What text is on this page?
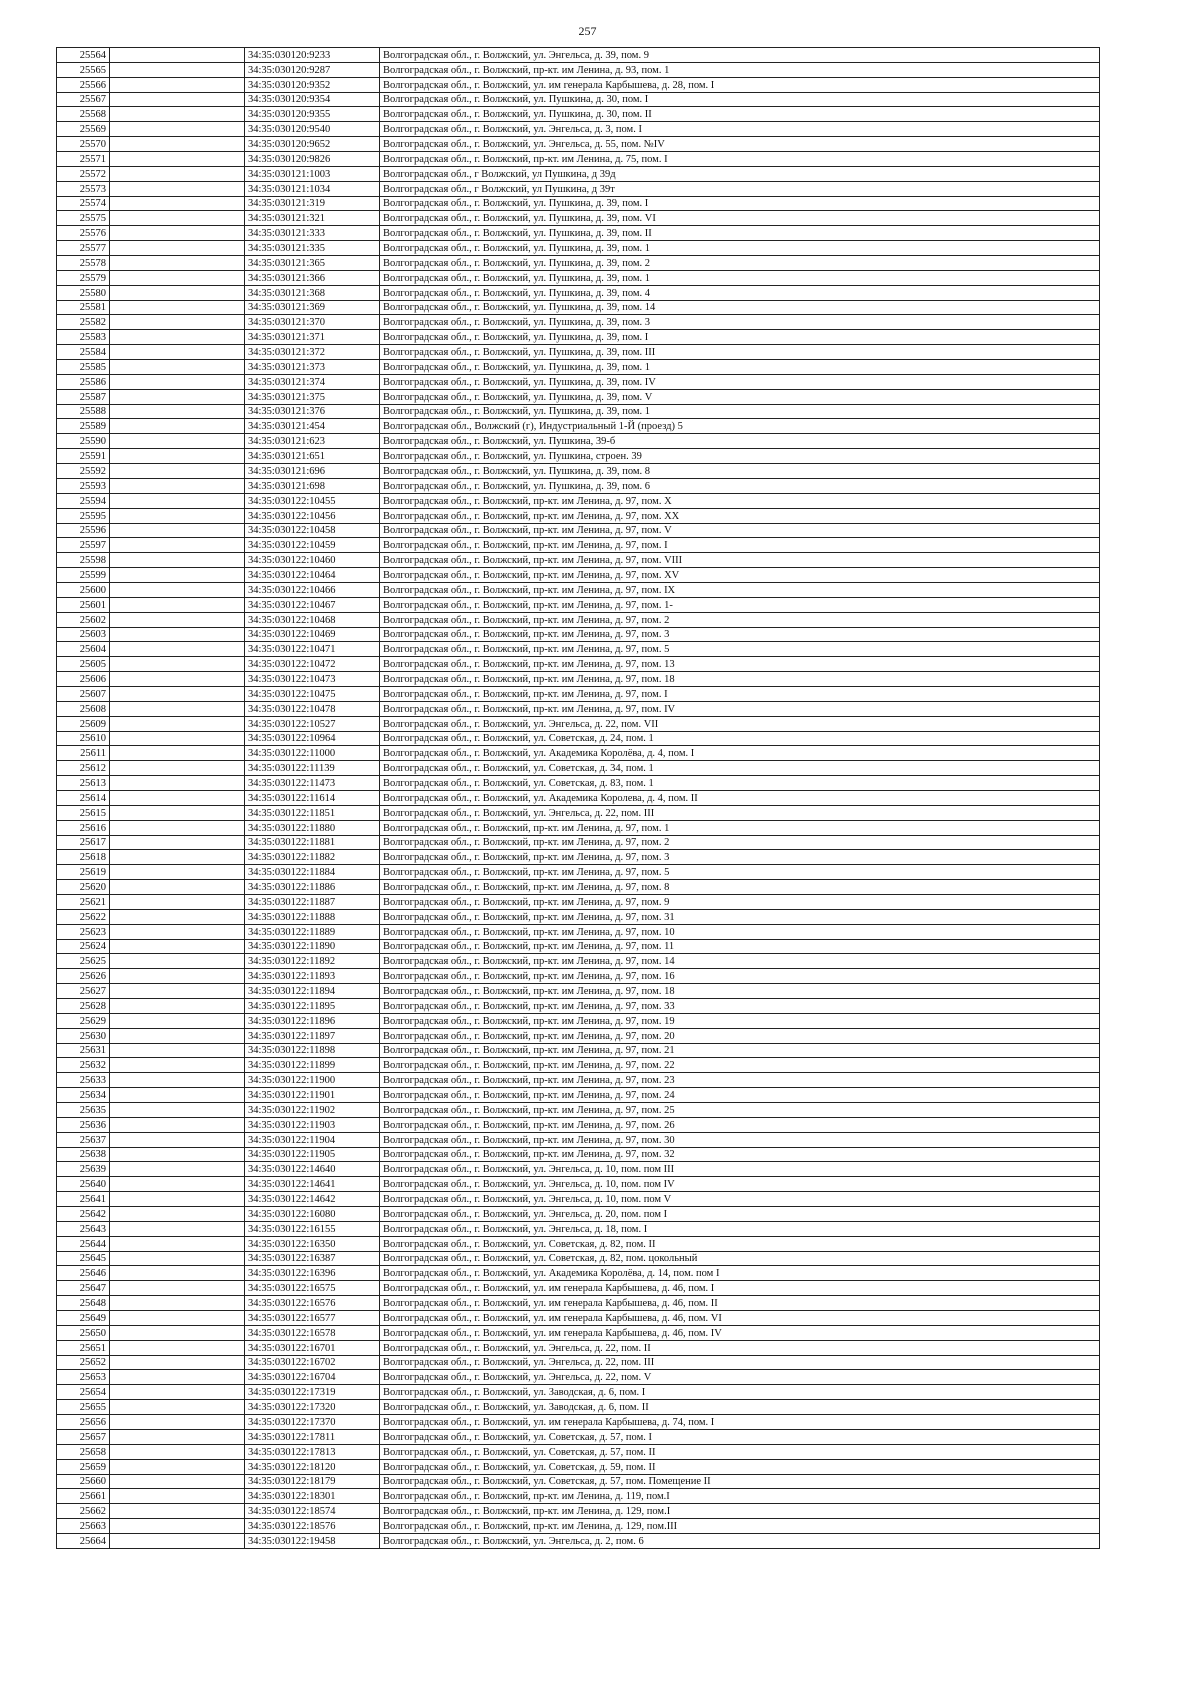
257
25564		34:35:030120:9233	Волгоградская обл., г. Волжский, ул. Энгельса, д. 39, пом. 9
25565		34:35:030120:9287	Волгоградская обл., г. Волжский, пр-кт. им Ленина, д. 93, пом. 1
25566		34:35:030120:9352	Волгоградская обл., г. Волжский, ул. им генерала Карбышева, д. 28, пом. I
25567		34:35:030120:9354	Волгоградская обл., г. Волжский, ул. Пушкина, д. 30, пом. I
25568		34:35:030120:9355	Волгоградская обл., г. Волжский, ул. Пушкина, д. 30, пом. II
25569		34:35:030120:9540	Волгоградская обл., г. Волжский, ул. Энгельса, д. 3, пом. I
25570		34:35:030120:9652	Волгоградская обл., г. Волжский, ул. Энгельса, д. 55, пом. №IV
25571		34:35:030120:9826	Волгоградская обл., г. Волжский, пр-кт. им Ленина, д. 75, пом. I
25572		34:35:030121:1003	Волгоградская обл., г Волжский, ул Пушкина, д 39д
25573		34:35:030121:1034	Волгоградская обл., г Волжский, ул Пушкина, д 39т
25574		34:35:030121:319	Волгоградская обл., г. Волжский, ул. Пушкина, д. 39, пом. I
25575		34:35:030121:321	Волгоградская обл., г. Волжский, ул. Пушкина, д. 39, пом. VI
25576		34:35:030121:333	Волгоградская обл., г. Волжский, ул. Пушкина, д. 39, пом. II
25577		34:35:030121:335	Волгоградская обл., г. Волжский, ул. Пушкина, д. 39, пом. 1
25578		34:35:030121:365	Волгоградская обл., г. Волжский, ул. Пушкина, д. 39, пом. 2
25579		34:35:030121:366	Волгоградская обл., г. Волжский, ул. Пушкина, д. 39, пом. 1
25580		34:35:030121:368	Волгоградская обл., г. Волжский, ул. Пушкина, д. 39, пом. 4
25581		34:35:030121:369	Волгоградская обл., г. Волжский, ул. Пушкина, д. 39, пом. 14
25582		34:35:030121:370	Волгоградская обл., г. Волжский, ул. Пушкина, д. 39, пом. 3
25583		34:35:030121:371	Волгоградская обл., г. Волжский, ул. Пушкина, д. 39, пом. I
25584		34:35:030121:372	Волгоградская обл., г. Волжский, ул. Пушкина, д. 39, пом. III
25585		34:35:030121:373	Волгоградская обл., г. Волжский, ул. Пушкина, д. 39, пом. 1
25586		34:35:030121:374	Волгоградская обл., г. Волжский, ул. Пушкина, д. 39, пом. IV
25587		34:35:030121:375	Волгоградская обл., г. Волжский, ул. Пушкина, д. 39, пом. V
25588		34:35:030121:376	Волгоградская обл., г. Волжский, ул. Пушкина, д. 39, пом. 1
25589		34:35:030121:454	Волгоградская обл., Волжский (г), Индустриальный 1-Й (проезд) 5
25590		34:35:030121:623	Волгоградская обл., г. Волжский, ул. Пушкина, 39-б
25591		34:35:030121:651	Волгоградская обл., г. Волжский, ул. Пушкина, строен. 39
25592		34:35:030121:696	Волгоградская обл., г. Волжский, ул. Пушкина, д. 39, пом. 8
25593		34:35:030121:698	Волгоградская обл., г. Волжский, ул. Пушкина, д. 39, пом. 6
25594		34:35:030122:10455	Волгоградская обл., г. Волжский, пр-кт. им Ленина, д. 97, пом. X
25595		34:35:030122:10456	Волгоградская обл., г. Волжский, пр-кт. им Ленина, д. 97, пом. XX
25596		34:35:030122:10458	Волгоградская обл., г. Волжский, пр-кт. им Ленина, д. 97, пом. V
25597		34:35:030122:10459	Волгоградская обл., г. Волжский, пр-кт. им Ленина, д. 97, пом. I
25598		34:35:030122:10460	Волгоградская обл., г. Волжский, пр-кт. им Ленина, д. 97, пом. VIII
25599		34:35:030122:10464	Волгоградская обл., г. Волжский, пр-кт. им Ленина, д. 97, пом. XV
25600		34:35:030122:10466	Волгоградская обл., г. Волжский, пр-кт. им Ленина, д. 97, пом. IX
25601		34:35:030122:10467	Волгоградская обл., г. Волжский, пр-кт. им Ленина, д. 97, пом. 1-
25602		34:35:030122:10468	Волгоградская обл., г. Волжский, пр-кт. им Ленина, д. 97, пом. 2
25603		34:35:030122:10469	Волгоградская обл., г. Волжский, пр-кт. им Ленина, д. 97, пом. 3
25604		34:35:030122:10471	Волгоградская обл., г. Волжский, пр-кт. им Ленина, д. 97, пом. 5
25605		34:35:030122:10472	Волгоградская обл., г. Волжский, пр-кт. им Ленина, д. 97, пом. 13
25606		34:35:030122:10473	Волгоградская обл., г. Волжский, пр-кт. им Ленина, д. 97, пом. 18
25607		34:35:030122:10475	Волгоградская обл., г. Волжский, пр-кт. им Ленина, д. 97, пом. I
25608		34:35:030122:10478	Волгоградская обл., г. Волжский, пр-кт. им Ленина, д. 97, пом. IV
25609		34:35:030122:10527	Волгоградская обл., г. Волжский, ул. Энгельса, д. 22, пом. VII
25610		34:35:030122:10964	Волгоградская обл., г. Волжский, ул. Советская, д. 24, пом. 1
25611		34:35:030122:11000	Волгоградская обл., г. Волжский, ул. Академика Королёва, д. 4, пом. I
25612		34:35:030122:11139	Волгоградская обл., г. Волжский, ул. Советская, д. 34, пом. 1
25613		34:35:030122:11473	Волгоградская обл., г. Волжский, ул. Советская, д. 83, пом. 1
25614		34:35:030122:11614	Волгоградская обл., г. Волжский, ул. Академика Королева, д. 4, пом. II
25615		34:35:030122:11851	Волгоградская обл., г. Волжский, ул. Энгельса, д. 22, пом. III
25616		34:35:030122:11880	Волгоградская обл., г. Волжский, пр-кт. им Ленина, д. 97, пом. 1
25617		34:35:030122:11881	Волгоградская обл., г. Волжский, пр-кт. им Ленина, д. 97, пом. 2
25618		34:35:030122:11882	Волгоградская обл., г. Волжский, пр-кт. им Ленина, д. 97, пом. 3
25619		34:35:030122:11884	Волгоградская обл., г. Волжский, пр-кт. им Ленина, д. 97, пом. 5
25620		34:35:030122:11886	Волгоградская обл., г. Волжский, пр-кт. им Ленина, д. 97, пом. 8
25621		34:35:030122:11887	Волгоградская обл., г. Волжский, пр-кт. им Ленина, д. 97, пом. 9
25622		34:35:030122:11888	Волгоградская обл., г. Волжский, пр-кт. им Ленина, д. 97, пом. 31
25623		34:35:030122:11889	Волгоградская обл., г. Волжский, пр-кт. им Ленина, д. 97, пом. 10
25624		34:35:030122:11890	Волгоградская обл., г. Волжский, пр-кт. им Ленина, д. 97, пом. 11
25625		34:35:030122:11892	Волгоградская обл., г. Волжский, пр-кт. им Ленина, д. 97, пом. 14
25626		34:35:030122:11893	Волгоградская обл., г. Волжский, пр-кт. им Ленина, д. 97, пом. 16
25627		34:35:030122:11894	Волгоградская обл., г. Волжский, пр-кт. им Ленина, д. 97, пом. 18
25628		34:35:030122:11895	Волгоградская обл., г. Волжский, пр-кт. им Ленина, д. 97, пом. 33
25629		34:35:030122:11896	Волгоградская обл., г. Волжский, пр-кт. им Ленина, д. 97, пом. 19
25630		34:35:030122:11897	Волгоградская обл., г. Волжский, пр-кт. им Ленина, д. 97, пом. 20
25631		34:35:030122:11898	Волгоградская обл., г. Волжский, пр-кт. им Ленина, д. 97, пом. 21
25632		34:35:030122:11899	Волгоградская обл., г. Волжский, пр-кт. им Ленина, д. 97, пом. 22
25633		34:35:030122:11900	Волгоградская обл., г. Волжский, пр-кт. им Ленина, д. 97, пом. 23
25634		34:35:030122:11901	Волгоградская обл., г. Волжский, пр-кт. им Ленина, д. 97, пом. 24
25635		34:35:030122:11902	Волгоградская обл., г. Волжский, пр-кт. им Ленина, д. 97, пом. 25
25636		34:35:030122:11903	Волгоградская обл., г. Волжский, пр-кт. им Ленина, д. 97, пом. 26
25637		34:35:030122:11904	Волгоградская обл., г. Волжский, пр-кт. им Ленина, д. 97, пом. 30
25638		34:35:030122:11905	Волгоградская обл., г. Волжский, пр-кт. им Ленина, д. 97, пом. 32
25639		34:35:030122:14640	Волгоградская обл., г. Волжский, ул. Энгельса, д. 10, пом. пом III
25640		34:35:030122:14641	Волгоградская обл., г. Волжский, ул. Энгельса, д. 10, пом. пом IV
25641		34:35:030122:14642	Волгоградская обл., г. Волжский, ул. Энгельса, д. 10, пом. пом V
25642		34:35:030122:16080	Волгоградская обл., г. Волжский, ул. Энгельса, д. 20, пом. пом I
25643		34:35:030122:16155	Волгоградская обл., г. Волжский, ул. Энгельса, д. 18, пом. I
25644		34:35:030122:16350	Волгоградская обл., г. Волжский, ул. Советская, д. 82, пом. II
25645		34:35:030122:16387	Волгоградская обл., г. Волжский, ул. Советская, д. 82, пом. цокольный
25646		34:35:030122:16396	Волгоградская обл., г. Волжский, ул. Академика Королёва, д. 14, пом. пом I
25647		34:35:030122:16575	Волгоградская обл., г. Волжский, ул. им генерала Карбышева, д. 46, пом. I
25648		34:35:030122:16576	Волгоградская обл., г. Волжский, ул. им генерала Карбышева, д. 46, пом. II
25649		34:35:030122:16577	Волгоградская обл., г. Волжский, ул. им генерала Карбышева, д. 46, пом. VI
25650		34:35:030122:16578	Волгоградская обл., г. Волжский, ул. им генерала Карбышева, д. 46, пом. IV
25651		34:35:030122:16701	Волгоградская обл., г. Волжский, ул. Энгельса, д. 22, пом. II
25652		34:35:030122:16702	Волгоградская обл., г. Волжский, ул. Энгельса, д. 22, пом. III
25653		34:35:030122:16704	Волгоградская обл., г. Волжский, ул. Энгельса, д. 22, пом. V
25654		34:35:030122:17319	Волгоградская обл., г. Волжский, ул. Заводская, д. 6, пом. I
25655		34:35:030122:17320	Волгоградская обл., г. Волжский, ул. Заводская, д. 6, пом. II
25656		34:35:030122:17370	Волгоградская обл., г. Волжский, ул. им генерала Карбышева, д. 74, пом. I
25657		34:35:030122:17811	Волгоградская обл., г. Волжский, ул. Советская, д. 57, пом. I
25658		34:35:030122:17813	Волгоградская обл., г. Волжский, ул. Советская, д. 57, пом. II
25659		34:35:030122:18120	Волгоградская обл., г. Волжский, ул. Советская, д. 59, пом. II
25660		34:35:030122:18179	Волгоградская обл., г. Волжский, ул. Советская, д. 57, пом. Помещение II
25661		34:35:030122:18301	Волгоградская обл., г. Волжский, пр-кт. им Ленина, д. 119, пом.I
25662		34:35:030122:18574	Волгоградская обл., г. Волжский, пр-кт. им Ленина, д. 129, пом.I
25663		34:35:030122:18576	Волгоградская обл., г. Волжский, пр-кт. им Ленина, д. 129, пом.III
25664		34:35:030122:19458	Волгоградская обл., г. Волжский, ул. Энгельса, д. 2, пом. 6
